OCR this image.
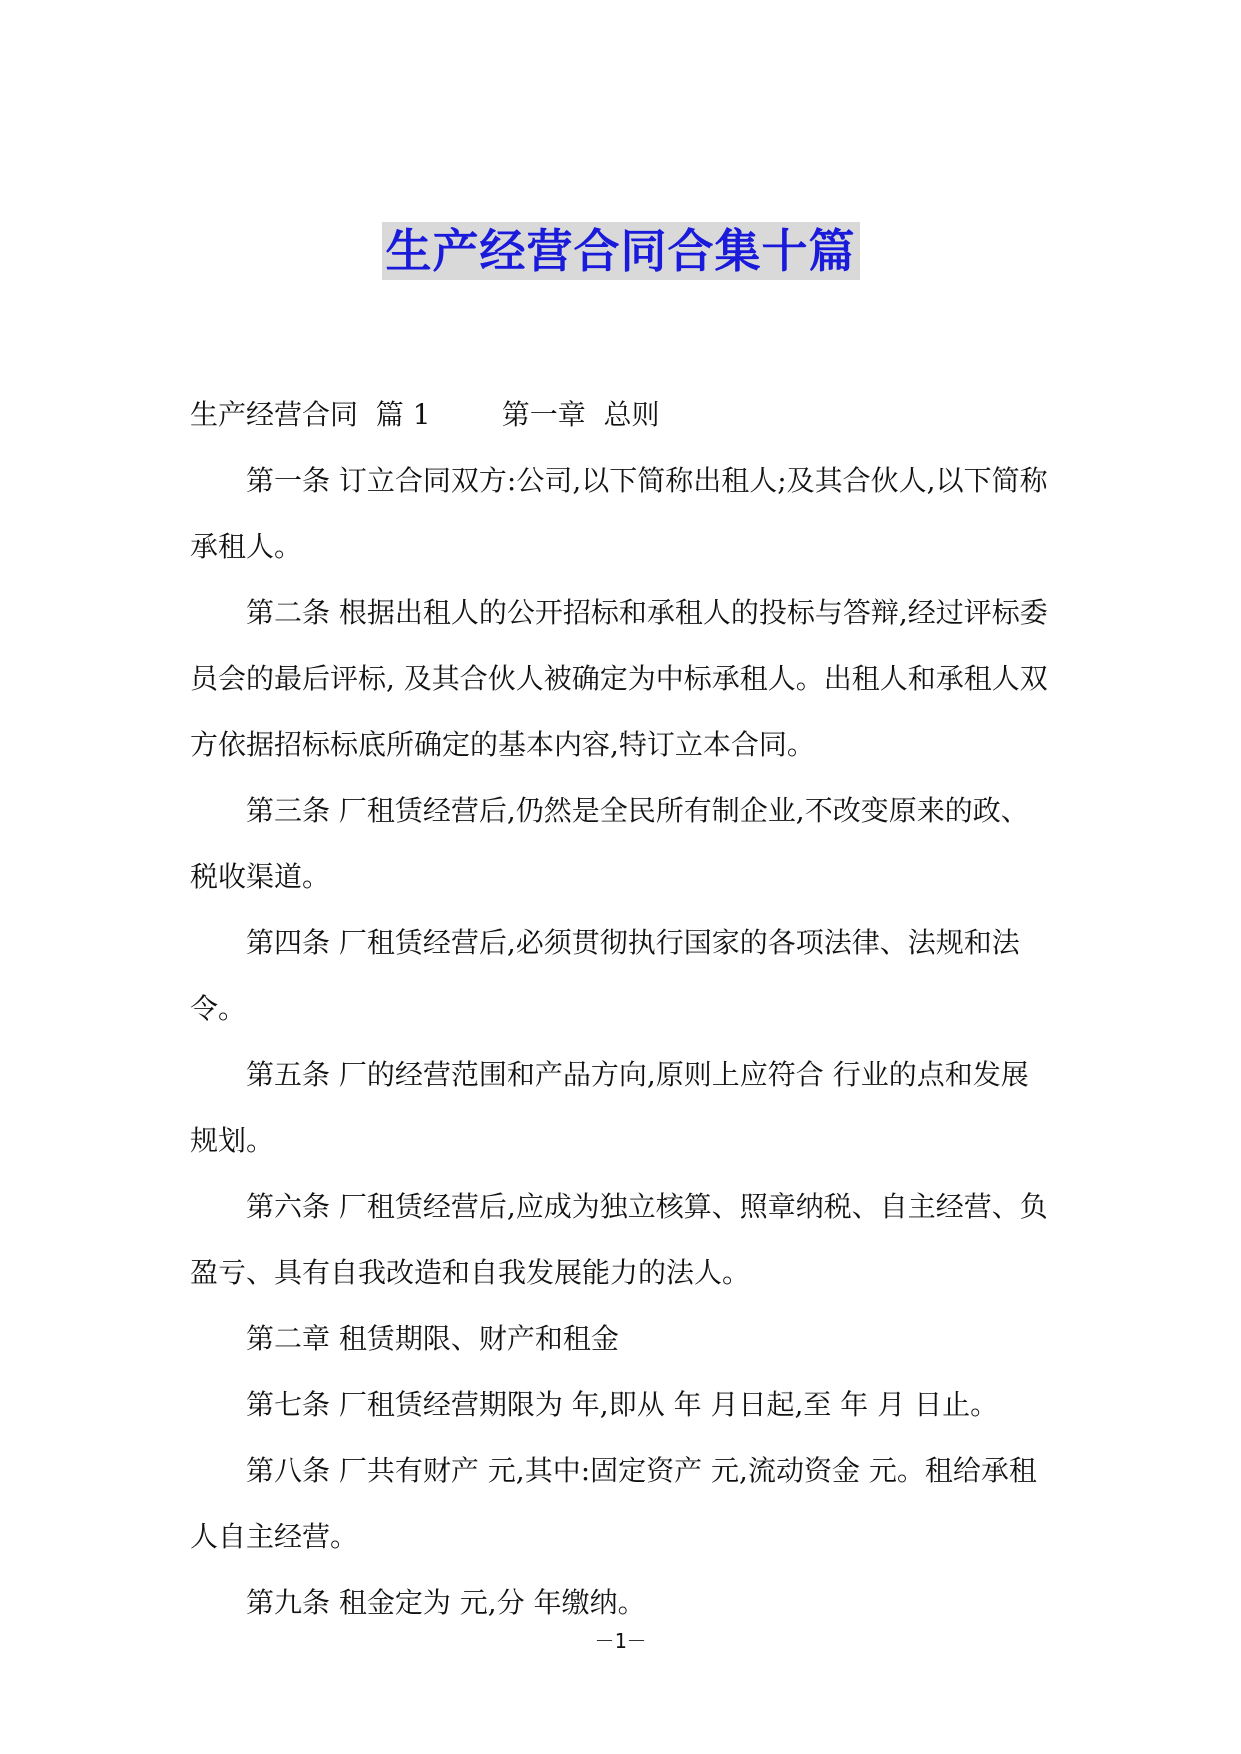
生产经营合同合集十篇
生产经营合同  篇 1	第一章  总则

第一条 订立合同双方:公司,以下简称出租人;及其合伙人,以下简称承租人。

第二条 根据出租人的公开招标和承租人的投标与答辩,经过评标委员会的最后评标, 及其合伙人被确定为中标承租人。出租人和承租人双方依据招标标底所确定的基本内容,特订立本合同。

第三条 厂租赁经营后,仍然是全民所有制企业,不改变原来的政、税收渠道。

第四条 厂租赁经营后,必须贯彻执行国家的各项法律、法规和法令。

第五条 厂的经营范围和产品方向,原则上应符合 行业的点和发展规划。

第六条 厂租赁经营后,应成为独立核算、照章纳税、自主经营、负盈亏、具有自我改造和自我发展能力的法人。

第二章 租赁期限、财产和租金

第七条 厂租赁经营期限为 年,即从 年 月日起,至 年 月 日止。

第八条 厂共有财产 元,其中:固定资产 元,流动资金 元。租给承租人自主经营。

第九条 租金定为 元,分 年缴纳。

－1－
